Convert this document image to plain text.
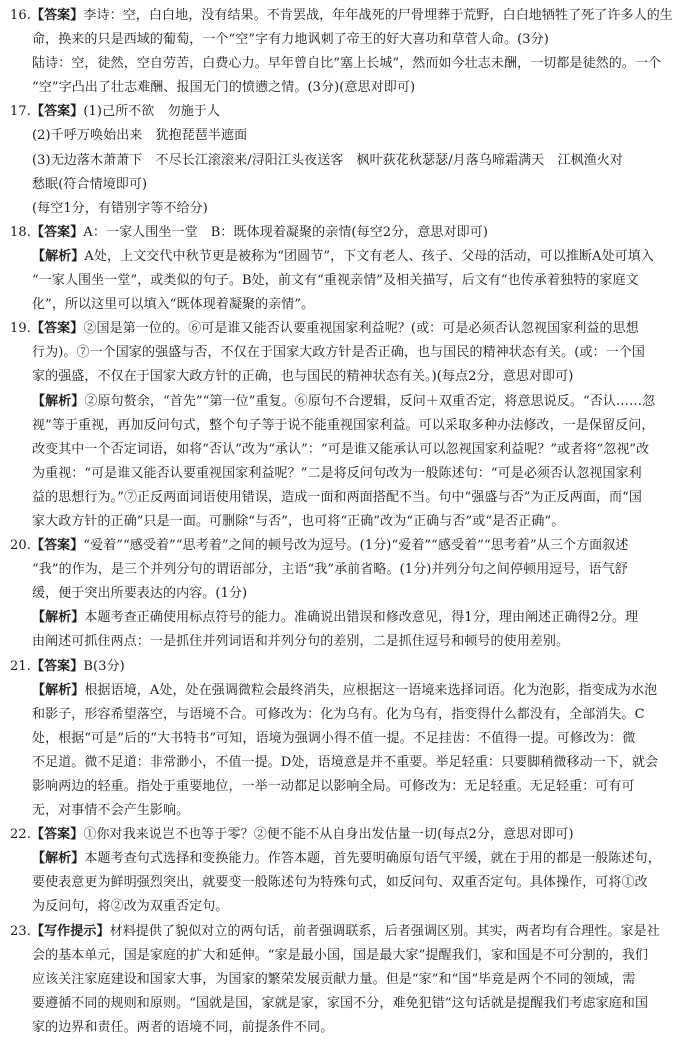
16.【答案】李诗：空，白白地，没有结果。不肯罢战，年年战死的尸骨埋葬于荒野，白白地牺牲了死了许多人的生
命，换来的只是西域的葡萄，一个“空”字有力地讽刺了帝王的好大喜功和草菅人命。(3分)
陆诗：空，徒然，空自劳苦，白费心力。早年曾自比“塞上长城”，然而如今壮志未酬，一切都是徒然的。一个
“空”字凸出了壮志难酬、报国无门的愤懑之情。(3分)(意思对即可)
17.【答案】(1)己所不欲　勿施于人
(2)千呼万唤始出来　犹抱琵琶半遮面
(3)无边落木萧萧下　不尽长江滚滚来/浔阳江头夜送客　枫叶荻花秋瑟瑟/月落乌啼霜满天　江枫渔火对
愁眠(符合情境即可)
(每空1分，有错别字等不给分)
18.【答案】A：一家人围坐一堂　B：既体现着凝聚的亲情(每空2分，意思对即可)
【解析】A处，上文交代中秋节更是被称为“团圆节”，下文有老人、孩子、父母的活动，可以推断A处可填入
“一家人围坐一堂”，或类似的句子。B处，前文有“重视亲情”及相关描写，后文有“也传承着独特的家庭文
化”，所以这里可以填入“既体现着凝聚的亲情”。
19.【答案】②国是第一位的。⑥可是谁又能否认要重视国家利益呢？(或：可是必须否认忽视国家利益的思想
行为)。⑦一个国家的强盛与否，不仅在于国家大政方针是否正确，也与国民的精神状态有关。(或：一个国
家的强盛，不仅在于国家大政方针的正确，也与国民的精神状态有关。)(每点2分，意思对即可)
【解析】②原句赘余，“首先”“第一位”重复。⑥原句不合逻辑，反问＋双重否定，将意思说反。“否认……忽
视”等于重视，再加反问句式，整个句子等于说不能重视国家利益。可以采取多种办法修改，一是保留反问，
改变其中一个否定词语，如将“否认”改为“承认”：“可是谁又能承认可以忽视国家利益呢？”或者将“忽视”改
为重视：“可是谁又能否认要重视国家利益呢？”二是将反问句改为一般陈述句：“可是必须否认忽视国家利
益的思想行为。”⑦正反两面词语使用错误，造成一面和两面搭配不当。句中“强盛与否”为正反两面，而“国
家大政方针的正确”只是一面。可删除“与否”，也可将“正确”改为“正确与否”或“是否正确”。
20.【答案】“爱着”“感受着”“思考着”之间的顿号改为逗号。(1分)“爱着”“感受着”“思考着”从三个方面叙述
“我”的作为，是三个并列分句的谓语部分，主语“我”承前省略。(1分)并列分句之间停顿用逗号，语气舒
缓，便于突出所要表达的内容。(1分)
【解析】本题考查正确使用标点符号的能力。准确说出错误和修改意见，得1分，理由阐述正确得2分。理
由阐述可抓住两点：一是抓住并列词语和并列分句的差别，二是抓住逗号和顿号的使用差别。
21.【答案】B(3分)
【解析】根据语境，A处，处在强调微粒会最终消失，应根据这一语境来选择词语。化为泡影，指变成为水泡
和影子，形容希望落空，与语境不合。可修改为：化为乌有。化为乌有，指变得什么都没有，全部消失。C
处，根据“可是”后的“大书特书”可知，语境为强调小得不值一提。不足挂齿：不值得一提。可修改为：微
不足道。微不足道：非常渺小，不值一提。D处，语境意是并不重要。举足轻重：只要脚稍微移动一下，就会
影响两边的轻重。指处于重要地位，一举一动都足以影响全局。可修改为：无足轻重。无足轻重：可有可
无，对事情不会产生影响。
22.【答案】①你对我来说岂不也等于零？②便不能不从自身出发估量一切(每点2分，意思对即可)
【解析】本题考查句式选择和变换能力。作答本题，首先要明确原句语气平缓，就在于用的都是一般陈述句，
要使表意更为鲜明强烈突出，就要变一般陈述句为特殊句式，如反问句、双重否定句。具体操作，可将①改
为反问句，将②改为双重否定句。
23.【写作提示】材料提供了貌似对立的两句话，前者强调联系，后者强调区别。其实，两者均有合理性。家是社
会的基本单元，国是家庭的扩大和延伸。“家是最小国，国是最大家”提醒我们，家和国是不可分割的，我们
应该关注家庭建设和国家大事，为国家的繁荣发展贡献力量。但是“家”和“国”毕竟是两个不同的领域，需
要遵循不同的规则和原则。“国就是国，家就是家，家国不分，难免犯错”这句话就是提醒我们考虑家庭和国
家的边界和责任。两者的语境不同，前提条件不同。
